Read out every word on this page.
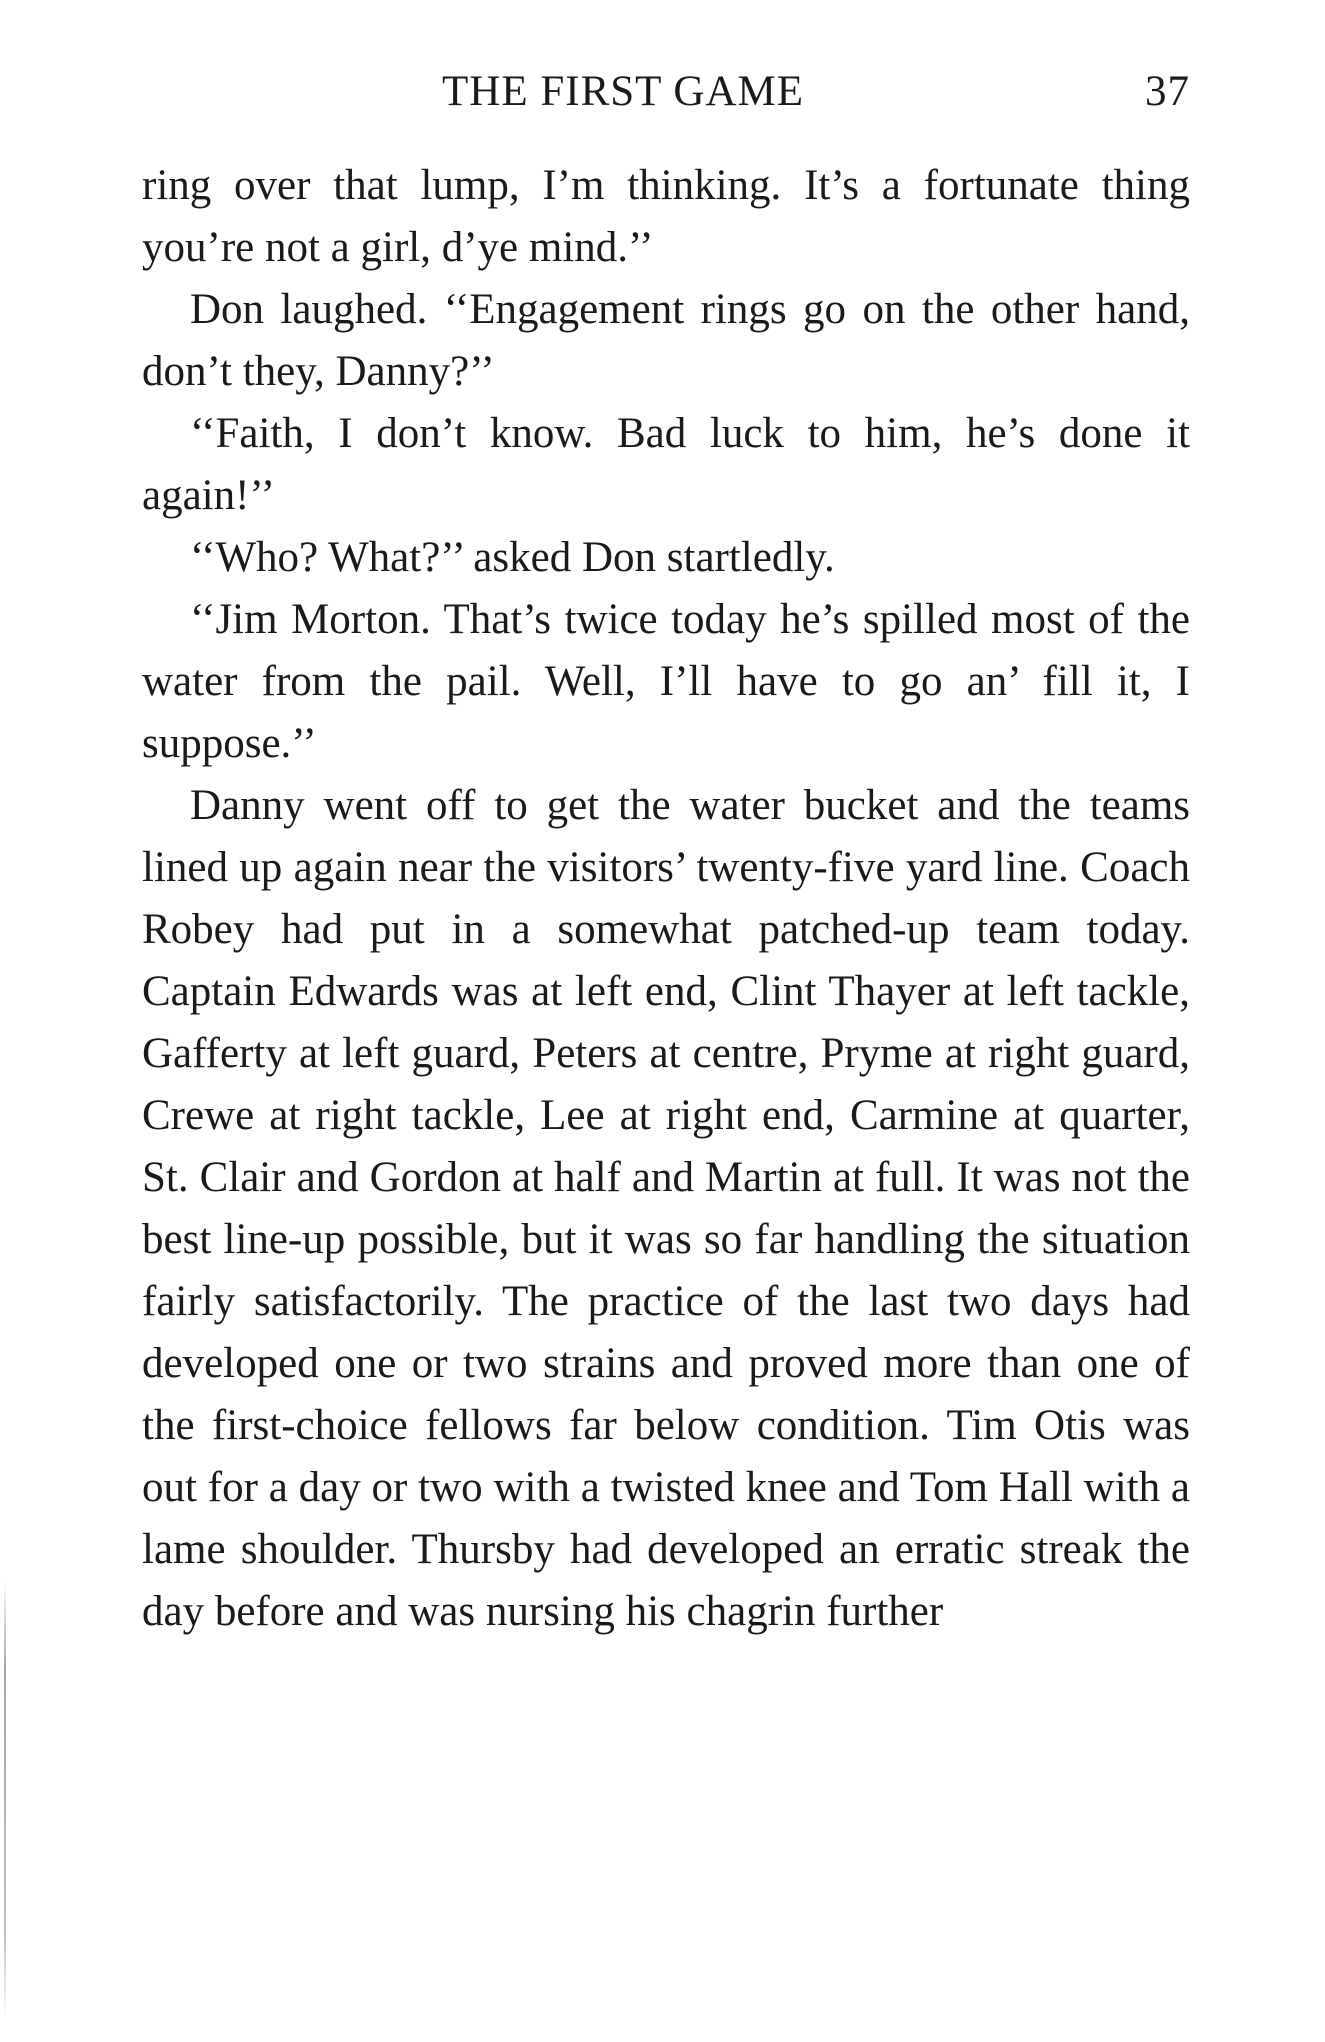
THE FIRST GAME	37

ring over that lump, I’m thinking. It’s a fortunate thing you’re not a girl, d’ye mind.’’

Don laughed. ‘‘Engagement rings go on the other hand, don’t they, Danny?’’

‘‘Faith, I don’t know. Bad luck to him, he’s done it again!’’

‘‘Who? What?’’ asked Don startledly.

‘‘Jim Morton. That’s twice today he’s spilled most of the water from the pail. Well, I’ll have to go an’ fill it, I suppose.’’

Danny went off to get the water bucket and the teams lined up again near the visitors’ twenty-five yard line. Coach Robey had put in a somewhat patched-up team today. Captain Edwards was at left end, Clint Thayer at left tackle, Gafferty at left guard, Peters at centre, Pryme at right guard, Crewe at right tackle, Lee at right end, Carmine at quarter, St. Clair and Gordon at half and Martin at full. It was not the best line-up possible, but it was so far handling the situation fairly satisfactorily. The practice of the last two days had developed one or two strains and proved more than one of the first-choice fellows far below condition. Tim Otis was out for a day or two with a twisted knee and Tom Hall with a lame shoulder. Thursby had developed an erratic streak the day before and was nursing his chagrin further
